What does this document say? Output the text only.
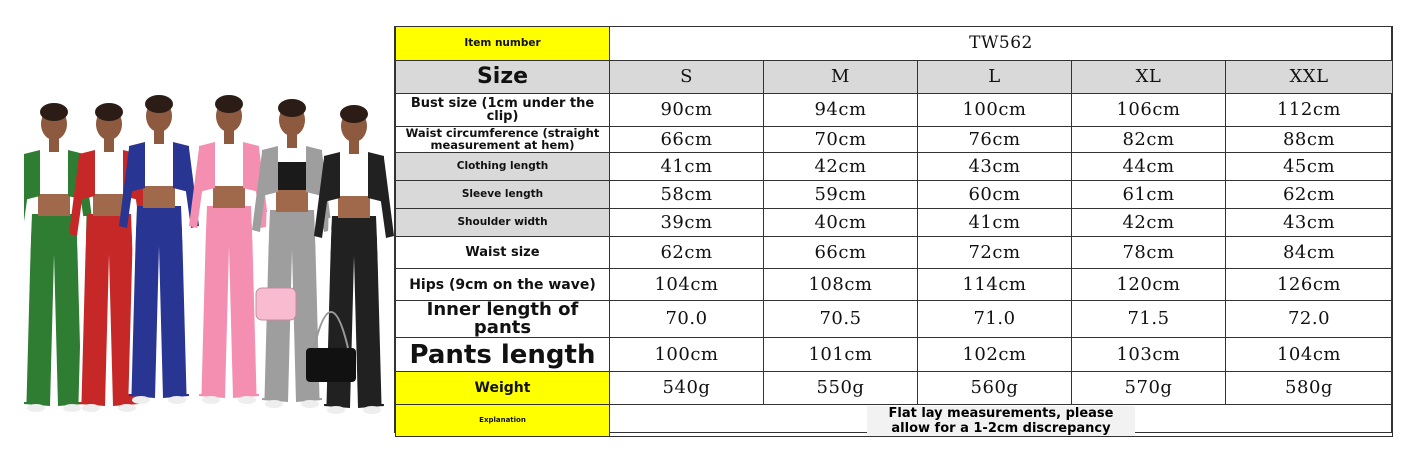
Item number	TW562				
Size	S	M	L	XL	XXL
Bust size (1cm under the clip)	90cm	94cm	100cm	106cm	112cm
Waist circumference (straight measurement at hem)	66cm	70cm	76cm	82cm	88cm
Clothing length	41cm	42cm	43cm	44cm	45cm
Sleeve length	58cm	59cm	60cm	61cm	62cm
Shoulder width	39cm	40cm	41cm	42cm	43cm
Waist size	62cm	66cm	72cm	78cm	84cm
Hips (9cm on the wave)	104cm	108cm	114cm	120cm	126cm
Inner length of pants	70.0	70.5	71.0	71.5	72.0
Pants length	100cm	101cm	102cm	103cm	104cm
Weight	540g	550g	560g	570g	580g
Explanation	Flat lay measurements, please allow for a 1-2cm discrepancy				
